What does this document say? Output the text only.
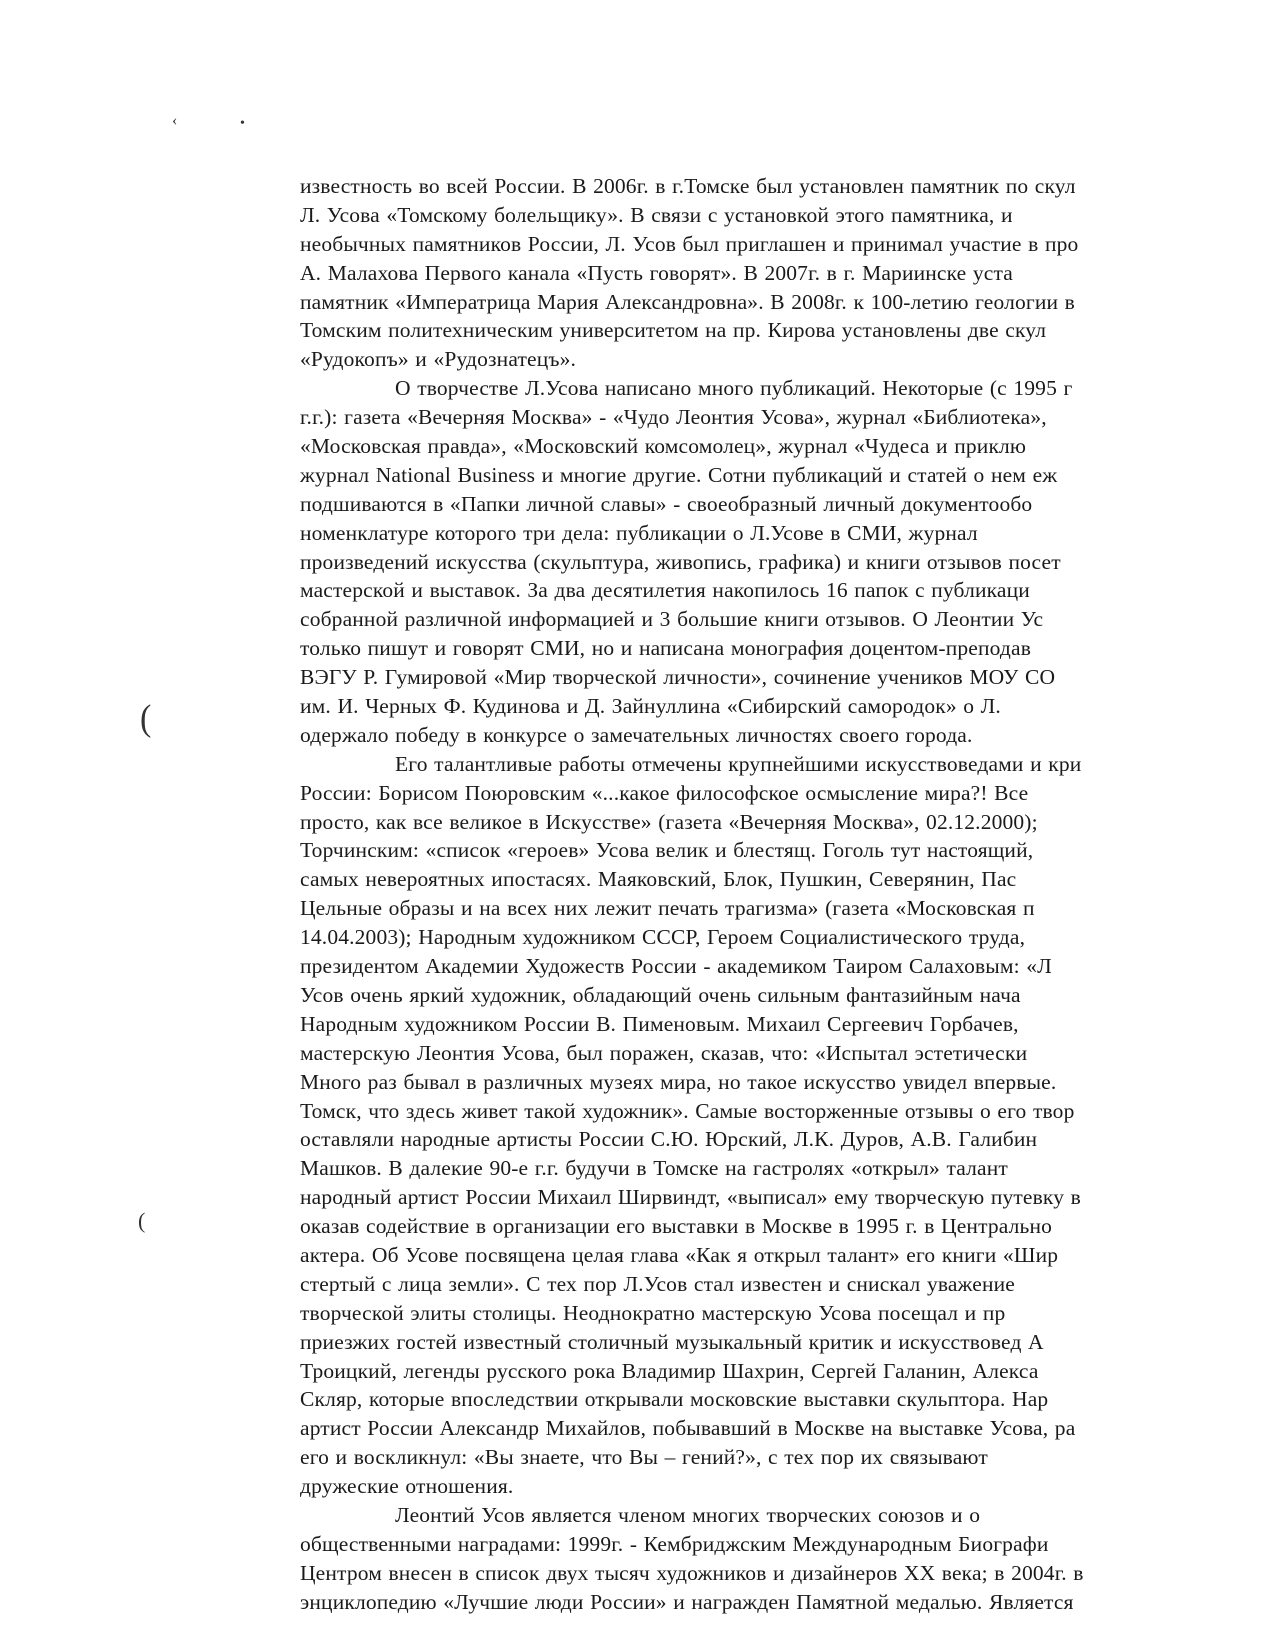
‹	•
(
(
известность во всей России. В 2006г. в г.Томске был установлен памятник по скул
Л. Усова «Томскому болельщику». В связи с установкой этого памятника, и
необычных памятников России, Л. Усов был приглашен и принимал участие в про
А. Малахова Первого канала «Пусть говорят». В 2007г. в г. Мариинске уста
памятник «Императрица Мария Александровна». В 2008г. к 100-летию геологии в
Томским политехническим университетом на пр. Кирова установлены две скул
«Рудокопъ» и «Рудознатецъ».
О творчестве Л.Усова написано много публикаций. Некоторые (с 1995 г
г.г.): газета «Вечерняя Москва» - «Чудо Леонтия Усова», журнал «Библиотека»,
«Московская правда», «Московский комсомолец», журнал «Чудеса и приклю
журнал National Business и многие другие. Сотни публикаций и статей о нем еж
подшиваются в «Папки личной славы» - своеобразный личный документообо
номенклатуре которого три дела: публикации о Л.Усове в СМИ, журнал
произведений искусства (скульптура, живопись, графика) и книги отзывов посет
мастерской и выставок. За два десятилетия накопилось 16 папок с публикаци
собранной различной информацией и 3 большие книги отзывов. О Леонтии Ус
только пишут и говорят СМИ, но и написана монография доцентом-преподав
ВЭГУ Р. Гумировой «Мир творческой личности», сочинение учеников МОУ СО
им. И. Черных Ф. Кудинова и Д. Зайнуллина «Сибирский самородок» о Л.
одержало победу в конкурсе о замечательных личностях своего города.
Его талантливые работы отмечены крупнейшими искусствоведами и кри
России: Борисом Поюровским «...какое философское осмысление мира?! Все
просто, как все великое в Искусстве» (газета «Вечерняя Москва», 02.12.2000);
Торчинским: «список «героев» Усова велик и блестящ. Гоголь тут настоящий,
самых невероятных ипостасях. Маяковский, Блок, Пушкин, Северянин, Пас
Цельные образы и на всех них лежит печать трагизма» (газета «Московская п
14.04.2003); Народным художником СССР, Героем Социалистического труда,
президентом Академии Художеств России - академиком Таиром Салаховым: «Л
Усов очень яркий художник, обладающий очень сильным фантазийным нача
Народным художником России В. Пименовым. Михаил Сергеевич Горбачев,
мастерскую Леонтия Усова, был поражен, сказав, что: «Испытал эстетически
Много раз бывал в различных музеях мира, но такое искусство увидел впервые.
Томск, что здесь живет такой художник». Самые восторженные отзывы о его твор
оставляли народные артисты России С.Ю. Юрский, Л.К. Дуров, А.В. Галибин
Машков. В далекие 90-е г.г. будучи в Томске на гастролях «открыл» талант
народный артист России Михаил Ширвиндт, «выписал» ему творческую путевку в
оказав содействие в организации его выставки в Москве в 1995 г. в Центрально
актера. Об Усове посвящена целая глава «Как я открыл талант» его книги «Шир
стертый с лица земли». С тех пор Л.Усов стал известен и снискал уважение
творческой элиты столицы. Неоднократно мастерскую Усова посещал и пр
приезжих гостей известный столичный музыкальный критик и искусствовед А
Троицкий, легенды русского рока Владимир Шахрин, Сергей Галанин, Алекса
Скляр, которые впоследствии открывали московские выставки скульптора. Нар
артист России Александр Михайлов, побывавший в Москве на выставке Усова, ра
его и воскликнул: «Вы знаете, что Вы – гений?», с тех пор их связывают
дружеские отношения.
Леонтий Усов является членом многих творческих союзов и о
общественными наградами: 1999г. - Кембриджским Международным Биографи
Центром внесен в список двух тысяч художников и дизайнеров XX века; в 2004г. в
энциклопедию «Лучшие люди России» и награжден Памятной медалью. Является
